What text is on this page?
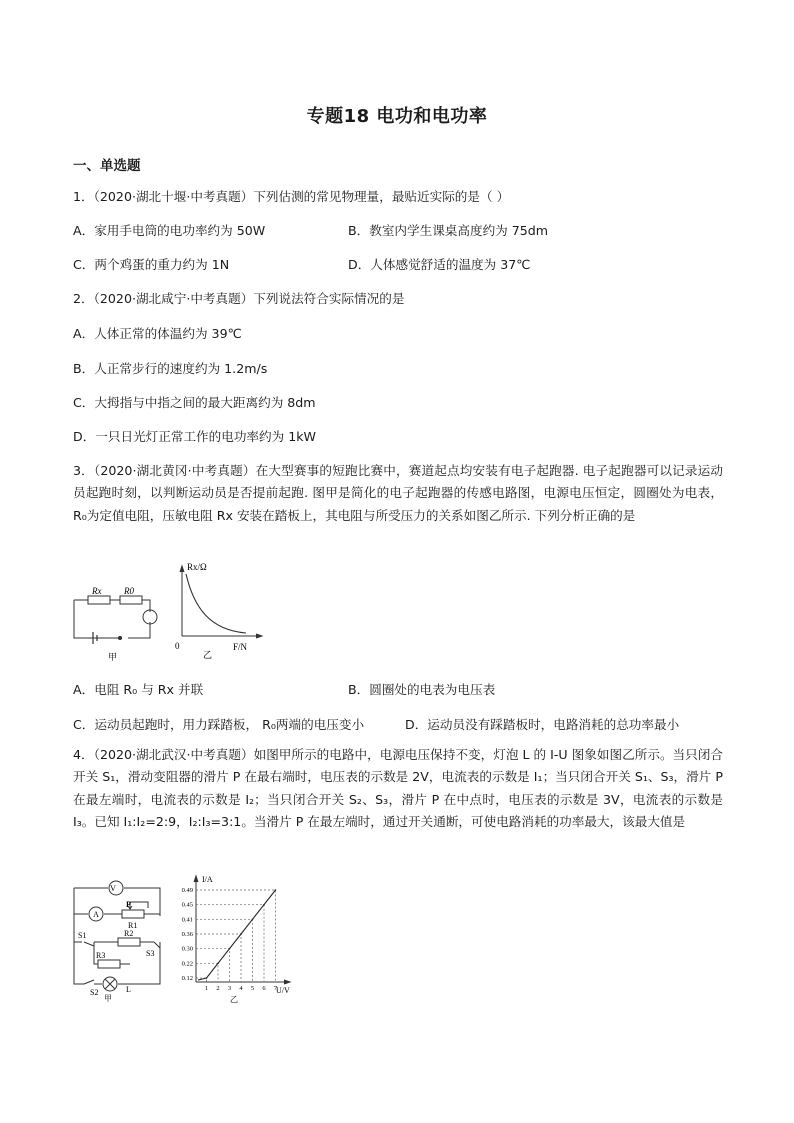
专题18 电功和电功率
一、单选题
1．（2020·湖北十堰·中考真题）下列估测的常见物理量，最贴近实际的是（ ）
A．家用手电筒的电功率约为 50W	B．教室内学生课桌高度约为 75dm
C．两个鸡蛋的重力约为 1N	D．人体感觉舒适的温度为 37℃
2．（2020·湖北咸宁·中考真题）下列说法符合实际情况的是
A．人体正常的体温约为 39℃
B．人正常步行的速度约为 1.2m/s
C．大拇指与中指之间的最大距离约为 8dm
D．一只日光灯正常工作的电功率约为 1kW
3．（2020·湖北黄冈·中考真题）在大型赛事的短跑比赛中，赛道起点均安装有电子起跑器. 电子起跑器可以记录运动员起跑时刻，以判断运动员是否提前起跑. 图甲是简化的电子起跑器的传感电路图，电源电压恒定，圆圈处为电表，R₀为定值电阻，压敏电阻 Rx 安装在踏板上，其电阻与所受压力的关系如图乙所示. 下列分析正确的是
Rx	R0
甲
Rx/Ω
F/N
0
乙
A．电阻 R₀ 与 Rx 并联	B．圆圈处的电表为电压表
C．运动员起跑时，用力踩踏板， R₀两端的电压变小	D．运动员没有踩踏板时，电路消耗的总功率最小
4．（2020·湖北武汉·中考真题）如图甲所示的电路中，电源电压保持不变，灯泡 L 的 I-U 图象如图乙所示。当只闭合开关 S₁，滑动变阻器的滑片 P 在最右端时，电压表的示数是 2V，电流表的示数是 I₁；当只闭合开关 S₁、S₃，滑片 P 在最左端时，电流表的示数是 I₂；当只闭合开关 S₂、S₃，滑片 P 在中点时，电压表的示数是 3V，电流表的示数是 I₃。已知 I₁:I₂=2:9，I₂:I₃=3:1。当滑片 P 在最左端时，通过开关通断，可使电路消耗的功率最大，该最大值是
V
A
P
R1
R2
R3
S1
S2
S3
L
甲
1 2 3 4 5 6 7
0.12
0.22
0.30
0.36
0.41
0.45
0.49
I/A
U/V
乙
